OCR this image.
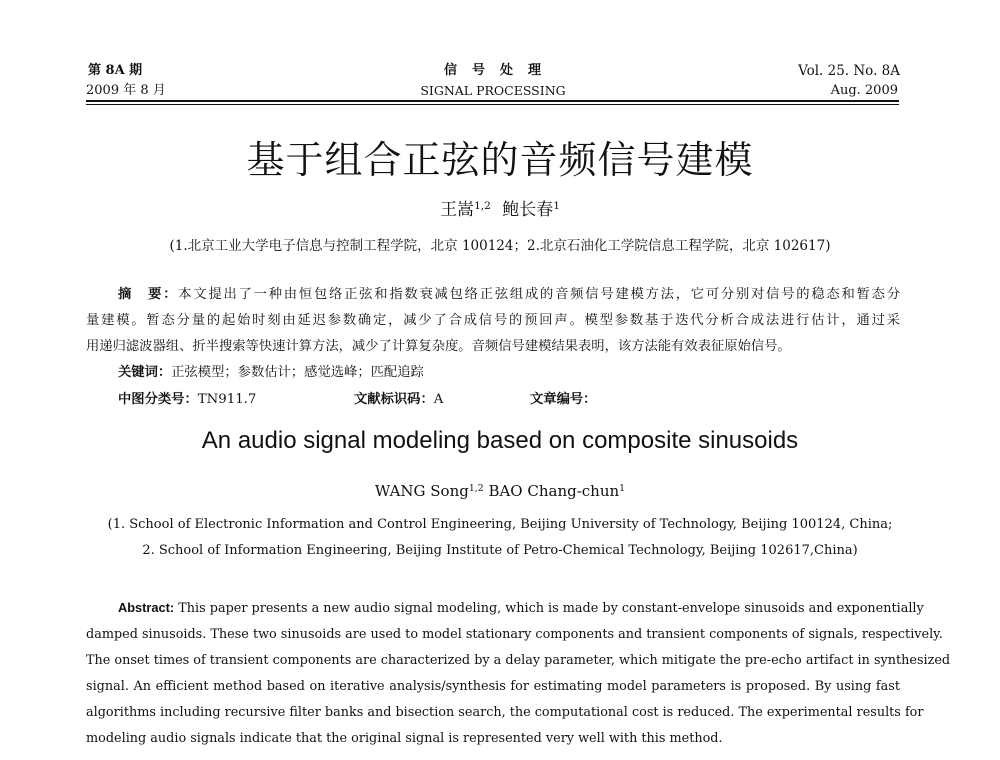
第 8A 期
2009 年 8 月
信　号　处　理
SIGNAL PROCESSING
Vol. 25. No. 8A
Aug. 2009
基于组合正弦的音频信号建模
王嵩$^{1,2}$ 鲍长春$^1$
(1.北京工业大学电子信息与控制工程学院，北京 100124；2.北京石油化工学院信息工程学院，北京 102617)
摘　要：本文提出了一种由恒包络正弦和指数衰减包络正弦组成的音频信号建模方法，它可分别对信号的稳态和暂态分
量建模。暂态分量的起始时刻由延迟参数确定，减少了合成信号的预回声。模型参数基于迭代分析合成法进行估计，通过采
用递归滤波器组、折半搜索等快速计算方法，减少了计算复杂度。音频信号建模结果表明，该方法能有效表征原始信号。
关键词：正弦模型；参数估计；感觉选峰；匹配追踪
中图分类号：TN911.7	文献标识码：A	文章编号：
An audio signal modeling based on composite sinusoids
WANG Song$^{1,2}$ BAO Chang-chun$^1$
(1. School of Electronic Information and Control Engineering, Beijing University of Technology, Beijing 100124, China;
2. School of Information Engineering, Beijing Institute of Petro-Chemical Technology, Beijing 102617,China)
Abstract: This paper presents a new audio signal modeling, which is made by constant-envelope sinusoids and exponentially
damped sinusoids. These two sinusoids are used to model stationary components and transient components of signals, respectively.
The onset times of transient components are characterized by a delay parameter, which mitigate the pre-echo artifact in synthesized
signal. An efficient method based on iterative analysis/synthesis for estimating model parameters is proposed. By using fast
algorithms including recursive filter banks and bisection search, the computational cost is reduced. The experimental results for
modeling audio signals indicate that the original signal is represented very well with this method.
